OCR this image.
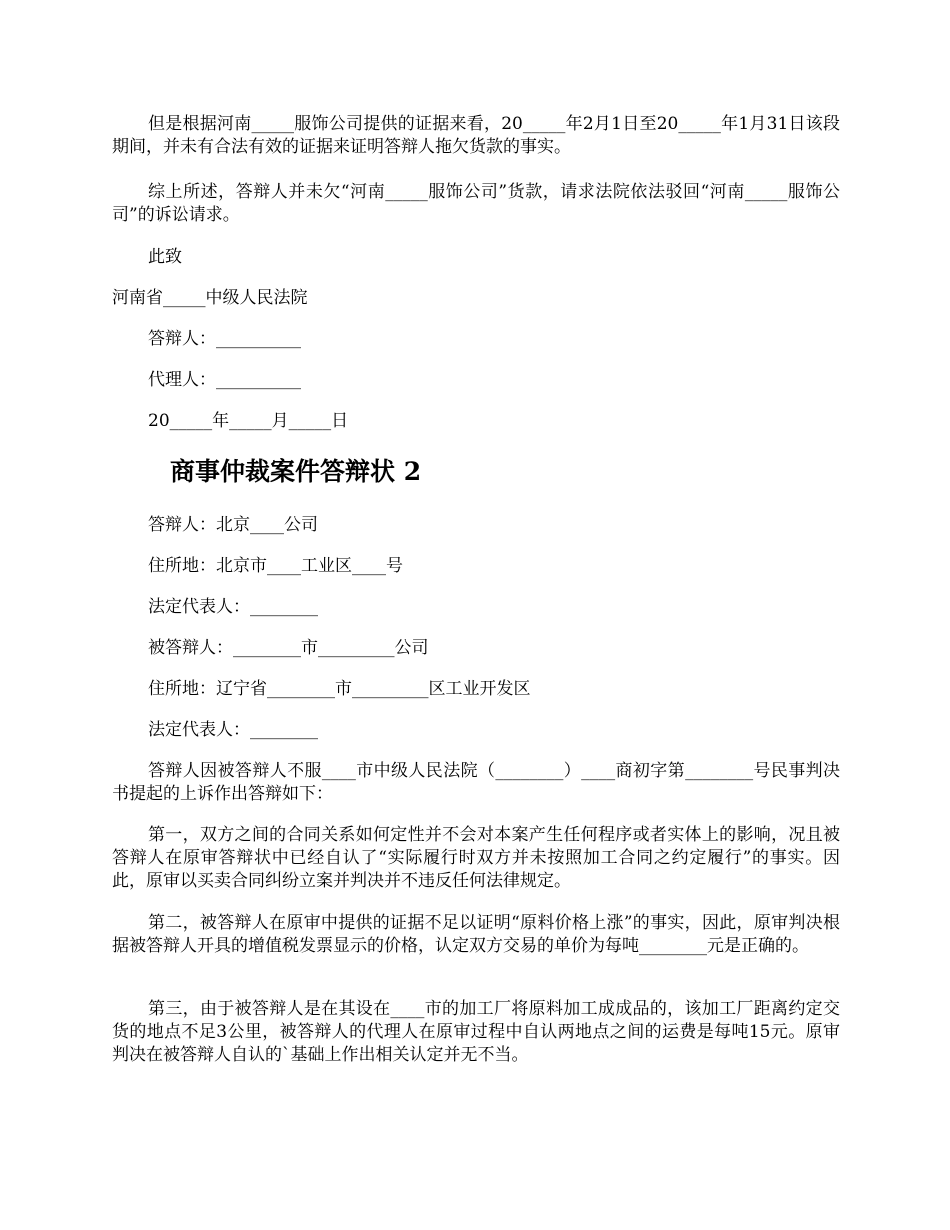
但是根据河南_____服饰公司提供的证据来看，20_____年2月1日至20_____年1月31日该段期间，并未有合法有效的证据来证明答辩人拖欠货款的事实。

综上所述，答辩人并未欠“河南_____服饰公司”货款，请求法院依法驳回“河南_____服饰公司”的诉讼请求。

此致

河南省_____中级人民法院

答辩人：__________

代理人：__________

20_____年_____月_____日

商事仲裁案件答辩状 2

答辩人：北京____公司

住所地：北京市____工业区____号

法定代表人：________

被答辩人：________市_________公司

住所地：辽宁省________市_________区工业开发区

法定代表人：________

答辩人因被答辩人不服____市中级人民法院（________）____商初字第________号民事判决书提起的上诉作出答辩如下：

第一，双方之间的合同关系如何定性并不会对本案产生任何程序或者实体上的影响，况且被答辩人在原审答辩状中已经自认了“实际履行时双方并未按照加工合同之约定履行”的事实。因此，原审以买卖合同纠纷立案并判决并不违反任何法律规定。

第二，被答辩人在原审中提供的证据不足以证明“原料价格上涨”的事实，因此，原审判决根据被答辩人开具的增值税发票显示的价格，认定双方交易的单价为每吨________元是正确的。

第三，由于被答辩人是在其设在____市的加工厂将原料加工成成品的，该加工厂距离约定交货的地点不足3公里，被答辩人的代理人在原审过程中自认两地点之间的运费是每吨15元。原审判决在被答辩人自认的`基础上作出相关认定并无不当。
